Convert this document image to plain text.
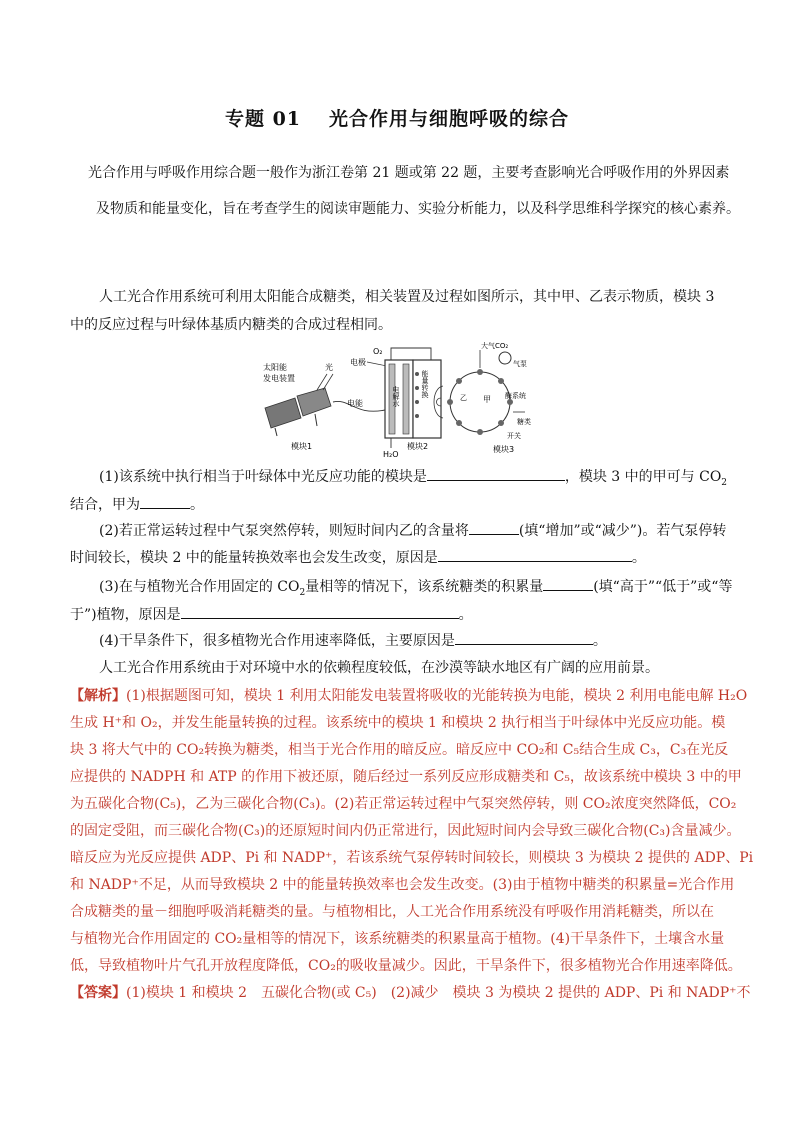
专题 01 光合作用与细胞呼吸的综合
光合作用与呼吸作用综合题一般作为浙江卷第 21 题或第 22 题，主要考查影响光合呼吸作用的外界因素
及物质和能量变化，旨在考查学生的阅读审题能力、实验分析能力，以及科学思维科学探究的核心素养。
人工光合作用系统可利用太阳能合成糖类，相关装置及过程如图所示，其中甲、乙表示物质，模块 3
中的反应过程与叶绿体基质内糖类的合成过程相同。
太阳能
发电装置
光
模块1
电极
电能
O₂
H₂O
电解水	能量转换
模块2
大气CO₂
气泵
甲
乙	酶系统
糖类
开关
模块3
(1)该系统中执行相当于叶绿体中光反应功能的模块是	，模块 3 中的甲可与 $CO_2$
结合，甲为	。
(2)若正常运转过程中气泵突然停转，则短时间内乙的含量将	(填“增加”或“减少”)。若气泵停转
时间较长，模块 2 中的能量转换效率也会发生改变，原因是	。
(3)在与植物光合作用固定的 $CO_2$量相等的情况下，该系统糖类的积累量	(填“高于”“低于”或“等
于”)植物，原因是	。
(4)干旱条件下，很多植物光合作用速率降低，主要原因是	。
人工光合作用系统由于对环境中水的依赖程度较低，在沙漠等缺水地区有广阔的应用前景。
【解析】(1)根据题图可知，模块 1 利用太阳能发电装置将吸收的光能转换为电能，模块 2 利用电能电解 H₂O
生成 H⁺和 O₂，并发生能量转换的过程。该系统中的模块 1 和模块 2 执行相当于叶绿体中光反应功能。模
块 3 将大气中的 CO₂转换为糖类，相当于光合作用的暗反应。暗反应中 CO₂和 C₅结合生成 C₃，C₃在光反
应提供的 NADPH 和 ATP 的作用下被还原，随后经过一系列反应形成糖类和 C₅，故该系统中模块 3 中的甲
为五碳化合物(C₅)，乙为三碳化合物(C₃)。(2)若正常运转过程中气泵突然停转，则 CO₂浓度突然降低，CO₂
的固定受阻，而三碳化合物(C₃)的还原短时间内仍正常进行，因此短时间内会导致三碳化合物(C₃)含量减少。
暗反应为光反应提供 ADP、Pi 和 NADP⁺，若该系统气泵停转时间较长，则模块 3 为模块 2 提供的 ADP、Pi
和 NADP⁺不足，从而导致模块 2 中的能量转换效率也会发生改变。(3)由于植物中糖类的积累量=光合作用
合成糖类的量－细胞呼吸消耗糖类的量。与植物相比，人工光合作用系统没有呼吸作用消耗糖类，所以在
与植物光合作用固定的 CO₂量相等的情况下，该系统糖类的积累量高于植物。(4)干旱条件下，土壤含水量
低，导致植物叶片气孔开放程度降低，CO₂的吸收量减少。因此，干旱条件下，很多植物光合作用速率降低。
【答案】(1)模块 1 和模块 2　五碳化合物(或 C₅)　(2)减少　模块 3 为模块 2 提供的 ADP、Pi 和 NADP⁺不
